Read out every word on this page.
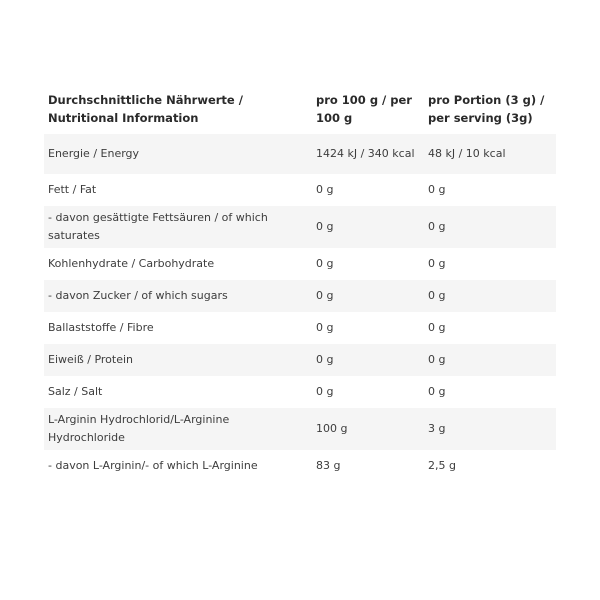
Durchschnittliche Nährwerte / Nutritional Information	pro 100 g / per 100 g	pro Portion (3 g) / per serving (3g)
Energie / Energy	1424 kJ / 340 kcal	48 kJ / 10 kcal
Fett / Fat	0 g	0 g
- davon gesättigte Fettsäuren / of which saturates	0 g	0 g
Kohlenhydrate / Carbohydrate	0 g	0 g
- davon Zucker / of which sugars	0 g	0 g
Ballaststoffe / Fibre	0 g	0 g
Eiweiß / Protein	0 g	0 g
Salz / Salt	0 g	0 g
L-Arginin Hydrochlorid/L-Arginine Hydrochloride	100 g	3 g
- davon L-Arginin/- of which L-Arginine	83 g	2,5 g
